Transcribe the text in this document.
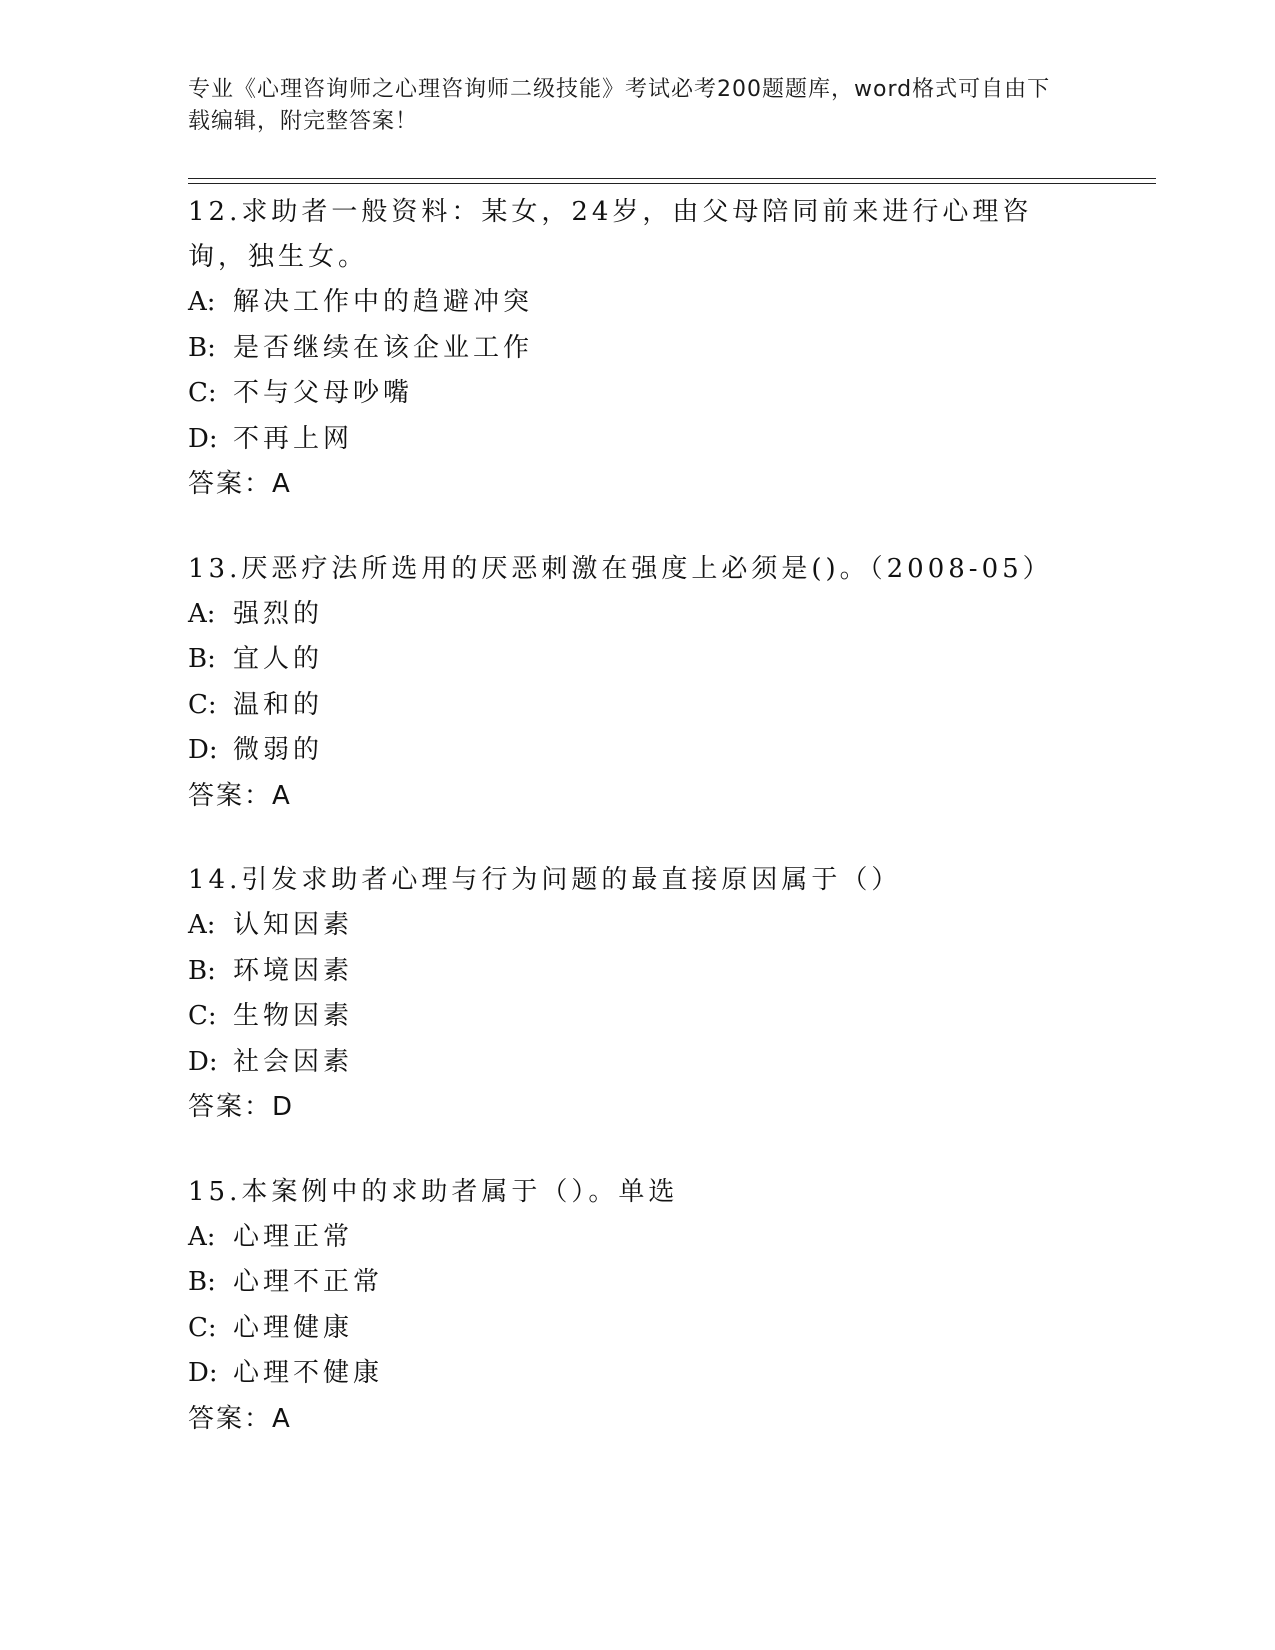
专业《心理咨询师之心理咨询师二级技能》考试必考200题题库，word格式可自由下载编辑，附完整答案！

12.求助者一般资料：某女，24岁，由父母陪同前来进行心理咨询，独生女。

A: 解决工作中的趋避冲突

B: 是否继续在该企业工作

C: 不与父母吵嘴

D: 不再上网

答案：A

13.厌恶疗法所选用的厌恶刺激在强度上必须是()。（2008-05）

A: 强烈的

B: 宜人的

C: 温和的

D: 微弱的

答案：A

14.引发求助者心理与行为问题的最直接原因属于（）

A: 认知因素

B: 环境因素

C: 生物因素

D: 社会因素

答案：D

15.本案例中的求助者属于（）。单选

A: 心理正常

B: 心理不正常

C: 心理健康

D: 心理不健康

答案：A
